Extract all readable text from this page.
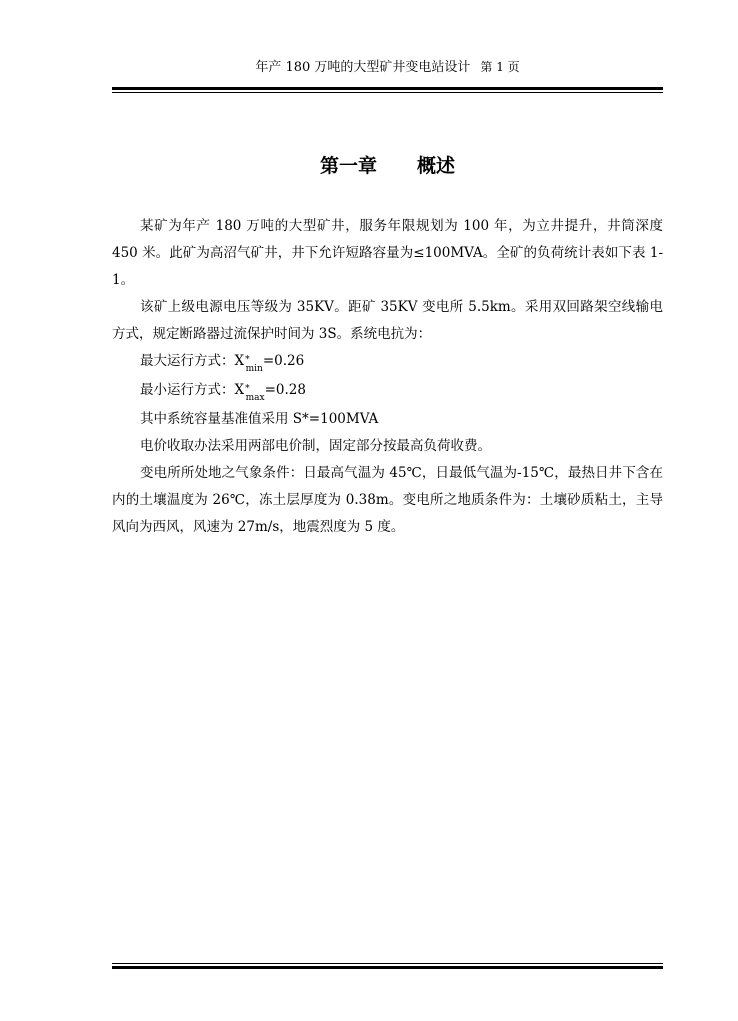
年产 180 万吨的大型矿井变电站设计 第 1 页
第一章 概述

某矿为年产 180 万吨的大型矿井，服务年限规划为 100 年，为立井提升，井筒深度 450 米。此矿为高沼气矿井，井下允许短路容量为≤100MVA。全矿的负荷统计表如下表 1-1。

该矿上级电源电压等级为 35KV。距矿 35KV 变电所 5.5km。采用双回路架空线输电方式，规定断路器过流保护时间为 3S。系统电抗为：

最大运行方式：$X^*_{min}=0.26$

最小运行方式：$X^*_{max}=0.28$

其中系统容量基准值采用 S*=100MVA

电价收取办法采用两部电价制，固定部分按最高负荷收费。

变电所所处地之气象条件：日最高气温为 45℃，日最低气温为-15℃，最热日井下含在内的土壤温度为 26℃，冻土层厚度为 0.38m。变电所之地质条件为：土壤砂质粘土，主导风向为西风，风速为 27m/s，地震烈度为 5 度。
